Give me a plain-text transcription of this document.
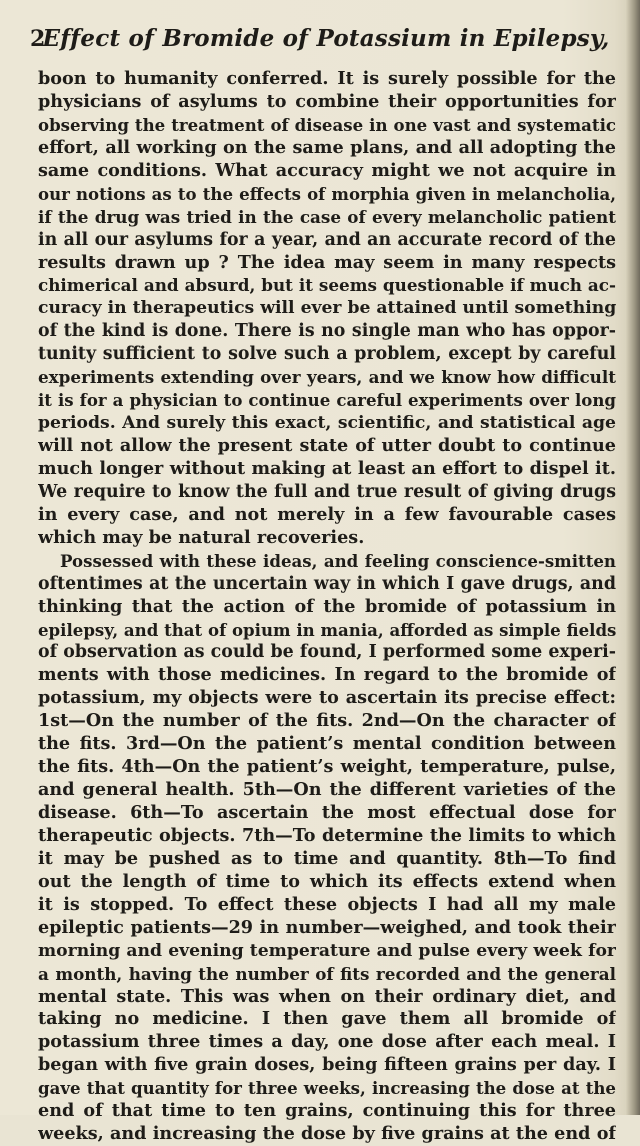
2
Effect of Bromide of Potassium in Epilepsy,
boon to humanity conferred. It is surely possible for the
physicians of asylums to combine their opportunities for
observing the treatment of disease in one vast and systematic
effort, all working on the same plans, and all adopting the
same conditions. What accuracy might we not acquire in
our notions as to the effects of morphia given in melancholia,
if the drug was tried in the case of every melancholic patient
in all our asylums for a year, and an accurate record of the
results drawn up ? The idea may seem in many respects
chimerical and absurd, but it seems questionable if much ac-
curacy in therapeutics will ever be attained until something
of the kind is done. There is no single man who has oppor-
tunity sufficient to solve such a problem, except by careful
experiments extending over years, and we know how difficult
it is for a physician to continue careful experiments over long
periods. And surely this exact, scientific, and statistical age
will not allow the present state of utter doubt to continue
much longer without making at least an effort to dispel it.
We require to know the full and true result of giving drugs
in every case, and not merely in a few favourable cases
which may be natural recoveries.
Possessed with these ideas, and feeling conscience-smitten
oftentimes at the uncertain way in which I gave drugs, and
thinking that the action of the bromide of potassium in
epilepsy, and that of opium in mania, afforded as simple fields
of observation as could be found, I performed some experi-
ments with those medicines. In regard to the bromide of
potassium, my objects were to ascertain its precise effect:
1st—On the number of the fits. 2nd—On the character of
the fits. 3rd—On the patient’s mental condition between
the fits. 4th—On the patient’s weight, temperature, pulse,
and general health. 5th—On the different varieties of the
disease. 6th—To ascertain the most effectual dose for
therapeutic objects. 7th—To determine the limits to which
it may be pushed as to time and quantity. 8th—To find
out the length of time to which its effects extend when
it is stopped. To effect these objects I had all my male
epileptic patients—29 in number—weighed, and took their
morning and evening temperature and pulse every week for
a month, having the number of fits recorded and the general
mental state. This was when on their ordinary diet, and
taking no medicine. I then gave them all bromide of
potassium three times a day, one dose after each meal. I
began with five grain doses, being fifteen grains per day. I
gave that quantity for three weeks, increasing the dose at the
end of that time to ten grains, continuing this for three
weeks, and increasing the dose by five grains at the end of
